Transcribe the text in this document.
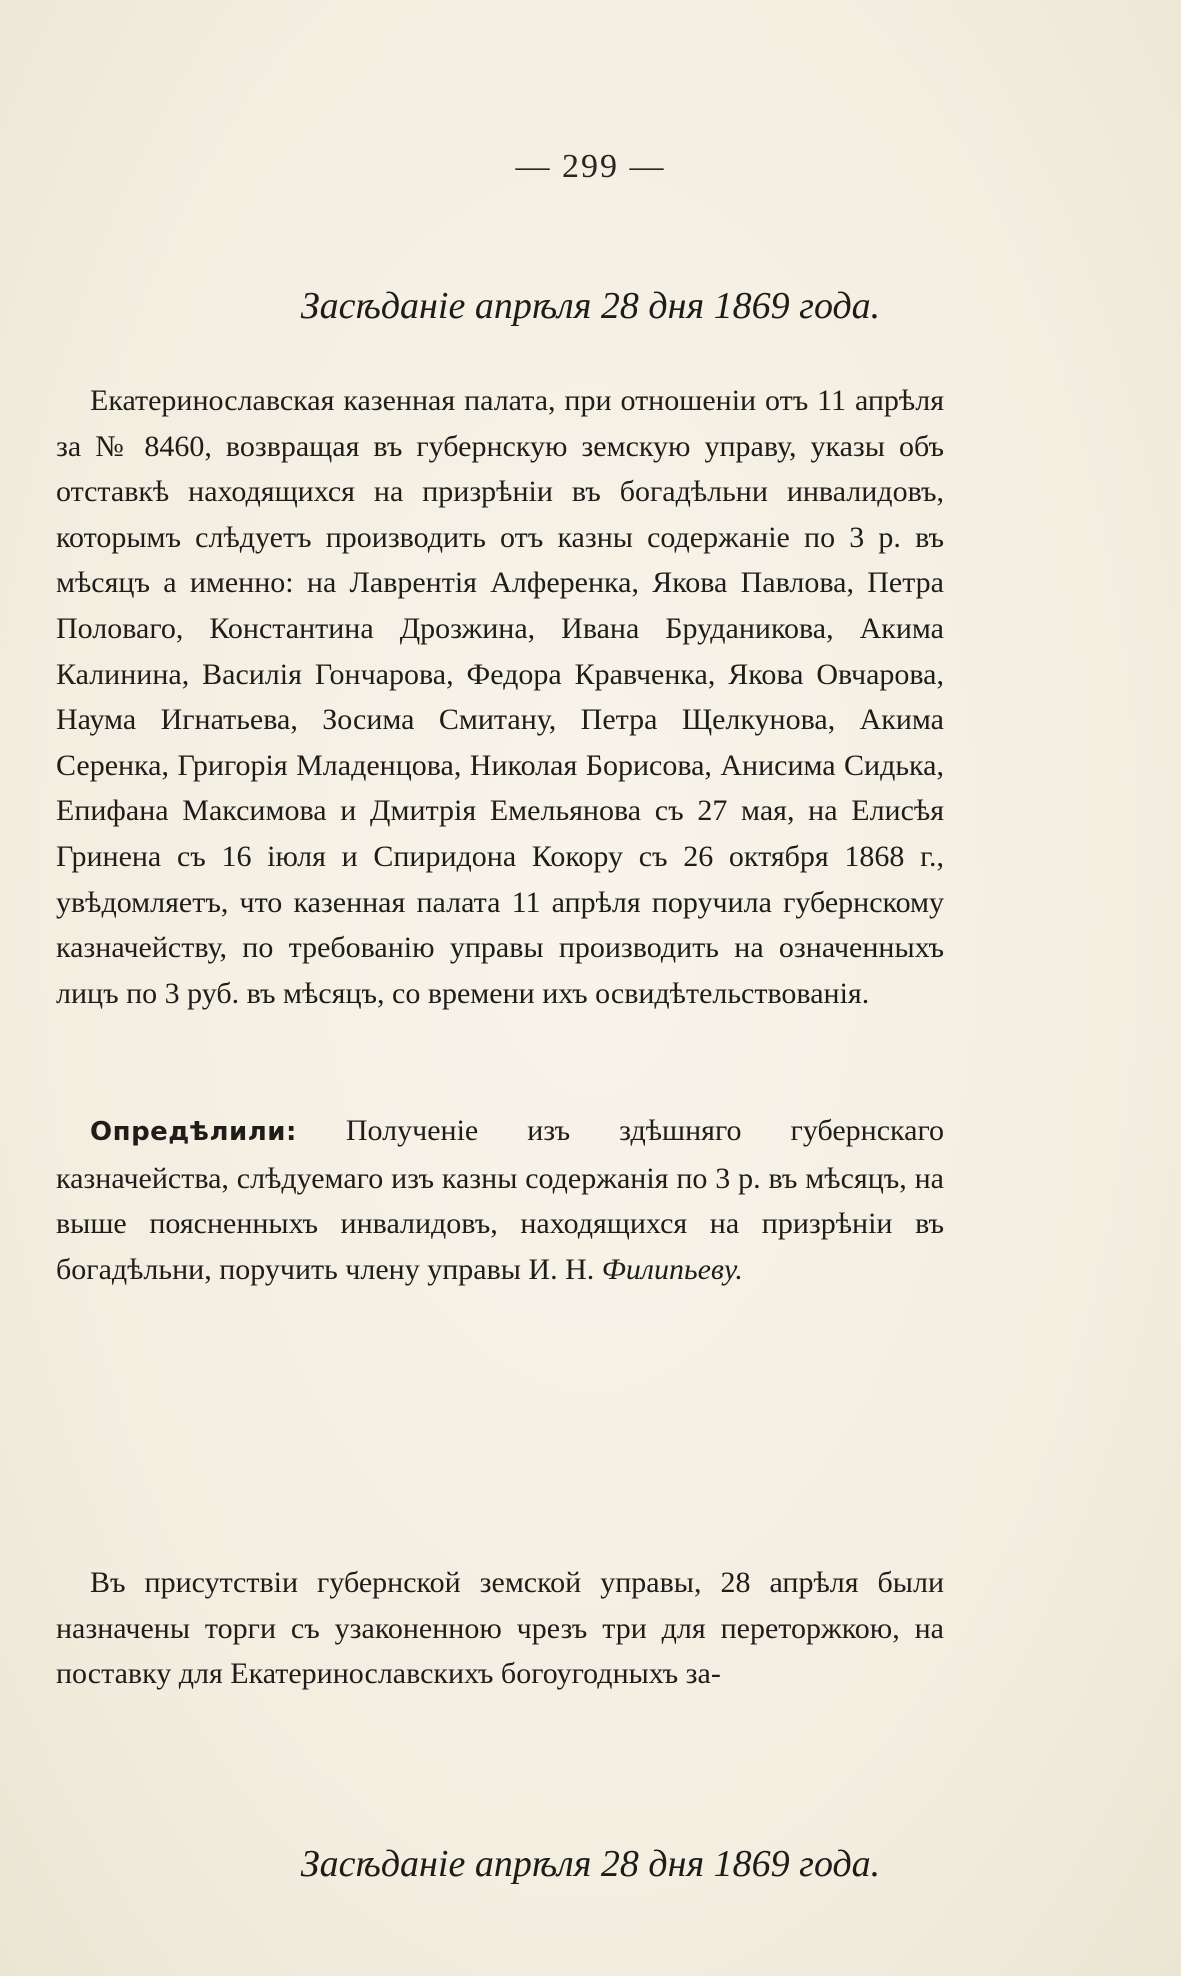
— 299 —
Засѣданіе апрѣля 28 дня 1869 года.
Екатеринославская казенная палата, при отношеніи отъ 11 апрѣля за № 8460, возвращая въ губернскую земскую управу, указы объ отставкѣ находящихся на призрѣніи въ богадѣльни инвалидовъ, которымъ слѣдуетъ производить отъ казны содержаніе по 3 р. въ мѣсяцъ а именно: на Лаврентія Алференка, Якова Павлова, Петра Половаго, Константина Дрозжина, Ивана Бруданикова, Акима Калинина, Василія Гончарова, Федора Кравченка, Якова Овчарова, Наума Игнатьева, Зосима Смитану, Петра Щелкунова, Акима Серенка, Григорія Младенцова, Николая Борисова, Анисима Сидька, Епифана Максимова и Дмитрія Емельянова съ 27 мая, на Елисѣя Гринена съ 16 іюля и Спиридона Кокору съ 26 октября 1868 г., увѣдомляетъ, что казенная палата 11 апрѣля поручила губернскому казначейству, по требованію управы производить на означенныхъ лицъ по 3 руб. въ мѣсяцъ, со времени ихъ освидѣтельствованія.
Опредѣлили: Полученіе изъ здѣшняго губернскаго казначейства, слѣдуемаго изъ казны содержанія по 3 р. въ мѣсяцъ, на выше поясненныхъ инвалидовъ, находящихся на призрѣніи въ богадѣльни, поручить члену управы И. Н. Филипьеву.
Засѣданіе апрѣля 28 дня 1869 года.
Въ присутствіи губернской земской управы, 28 апрѣля были назначены торги съ узаконенною чрезъ три для переторжкою, на поставку для Екатеринославскихъ богоугодныхъ за-
